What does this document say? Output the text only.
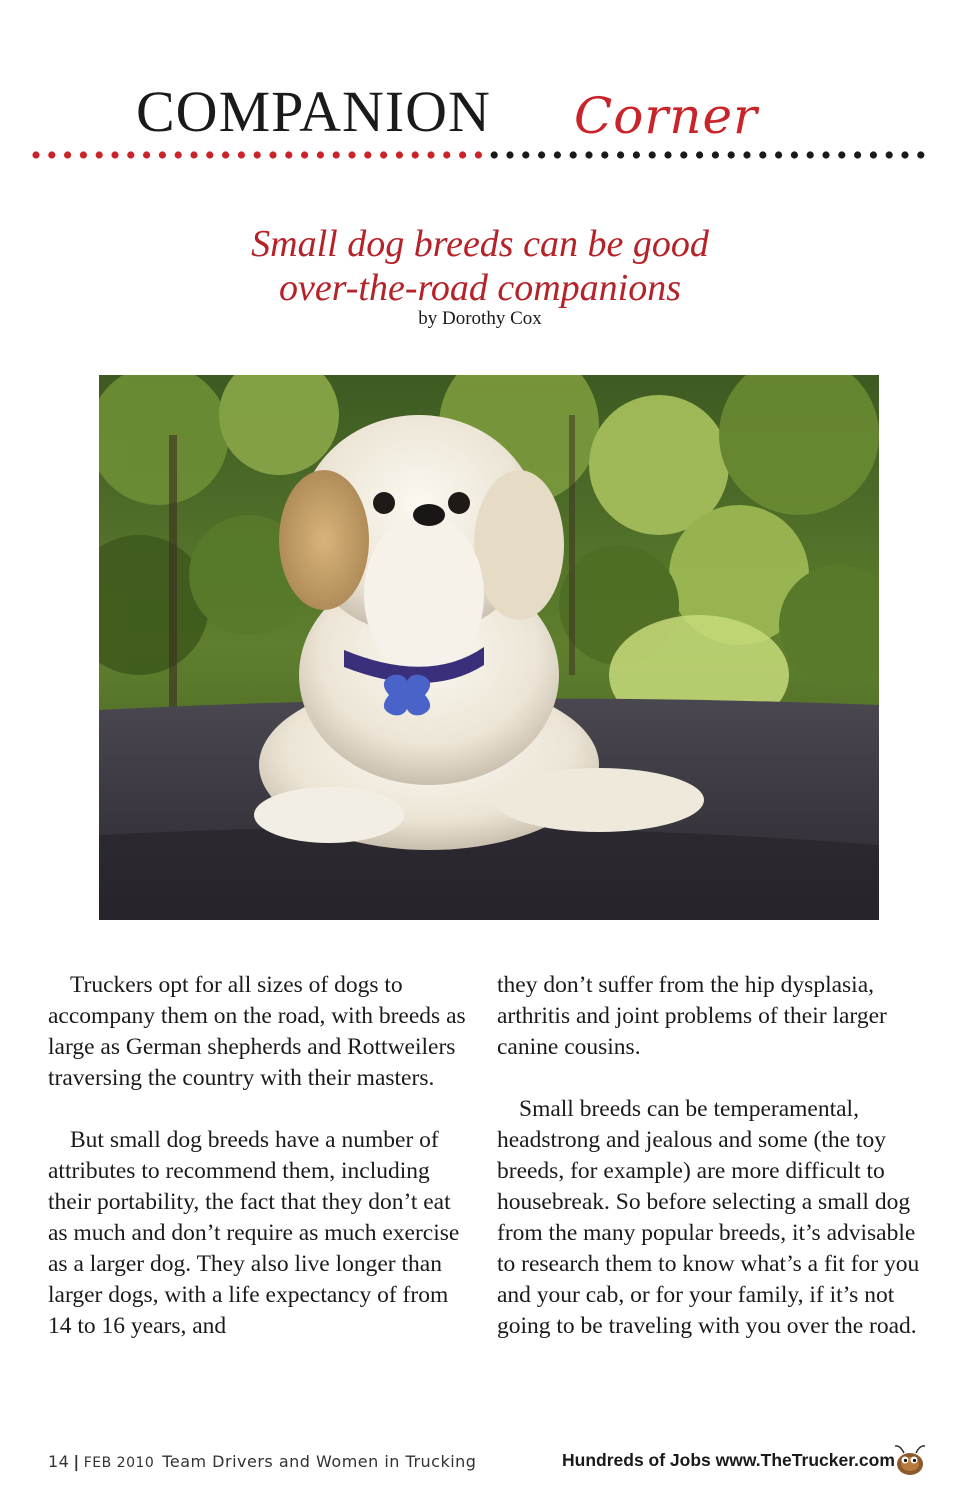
COMPANION Corner
Small dog breeds can be good
over-the-road companions
by Dorothy Cox

Truckers opt for all sizes of dogs to accompany them on the road, with breeds as large as German shepherds and Rottweilers traversing the country with their masters.

But small dog breeds have a number of attributes to recommend them, including their portability, the fact that they don’t eat as much and don’t require as much exercise as a larger dog. They also live longer than larger dogs, with a life expectancy of from 14 to 16 years, and

they don’t suffer from the hip dysplasia, arthritis and joint problems of their larger canine cousins.

Small breeds can be temperamental, headstrong and jealous and some (the toy breeds, for example) are more difficult to housebreak. So before selecting a small dog from the many popular breeds, it’s advisable to research them to know what’s a fit for you and your cab, or for your family, if it’s not going to be traveling with you over the road.

14 | FEB 2010 Team Drivers and Women in Trucking	Hundreds of Jobs www.TheTrucker.com
